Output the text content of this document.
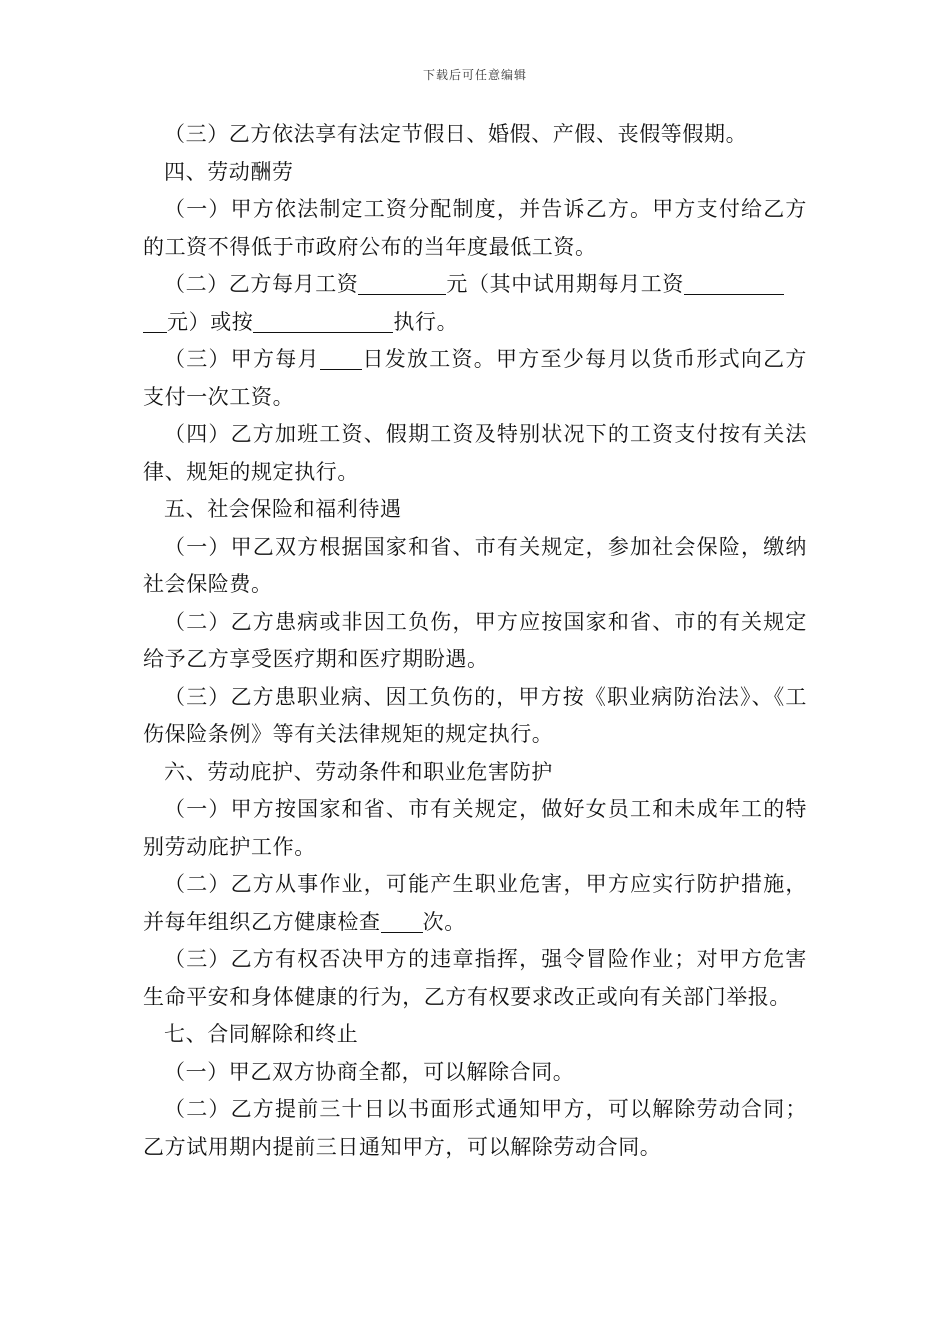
下载后可任意编辑

（三）乙方依法享有法定节假日、婚假、产假、丧假等假期。

四、劳动酬劳

（一）甲方依法制定工资分配制度，并告诉乙方。甲方支付给乙方的工资不得低于市政府公布的当年度最低工资。

（二）乙方每月工资	元（其中试用期每月工资
元）或按	执行。

（三）甲方每月 日发放工资。甲方至少每月以货币形式向乙方支付一次工资。

（四）乙方加班工资、假期工资及特别状况下的工资支付按有关法律、规矩的规定执行。

五、社会保险和福利待遇

（一）甲乙双方根据国家和省、市有关规定，参加社会保险，缴纳社会保险费。

（二）乙方患病或非因工负伤，甲方应按国家和省、市的有关规定给予乙方享受医疗期和医疗期盼遇。

（三）乙方患职业病、因工负伤的，甲方按《职业病防治法》、《工伤保险条例》等有关法律规矩的规定执行。

六、劳动庇护、劳动条件和职业危害防护

（一）甲方按国家和省、市有关规定，做好女员工和未成年工的特别劳动庇护工作。

（二）乙方从事作业，可能产生职业危害，甲方应实行防护措施，并每年组织乙方健康检查 次。

（三）乙方有权否决甲方的违章指挥，强令冒险作业；对甲方危害生命平安和身体健康的行为，乙方有权要求改正或向有关部门举报。

七、合同解除和终止

（一）甲乙双方协商全都，可以解除合同。

（二）乙方提前三十日以书面形式通知甲方，可以解除劳动合同；乙方试用期内提前三日通知甲方，可以解除劳动合同。
